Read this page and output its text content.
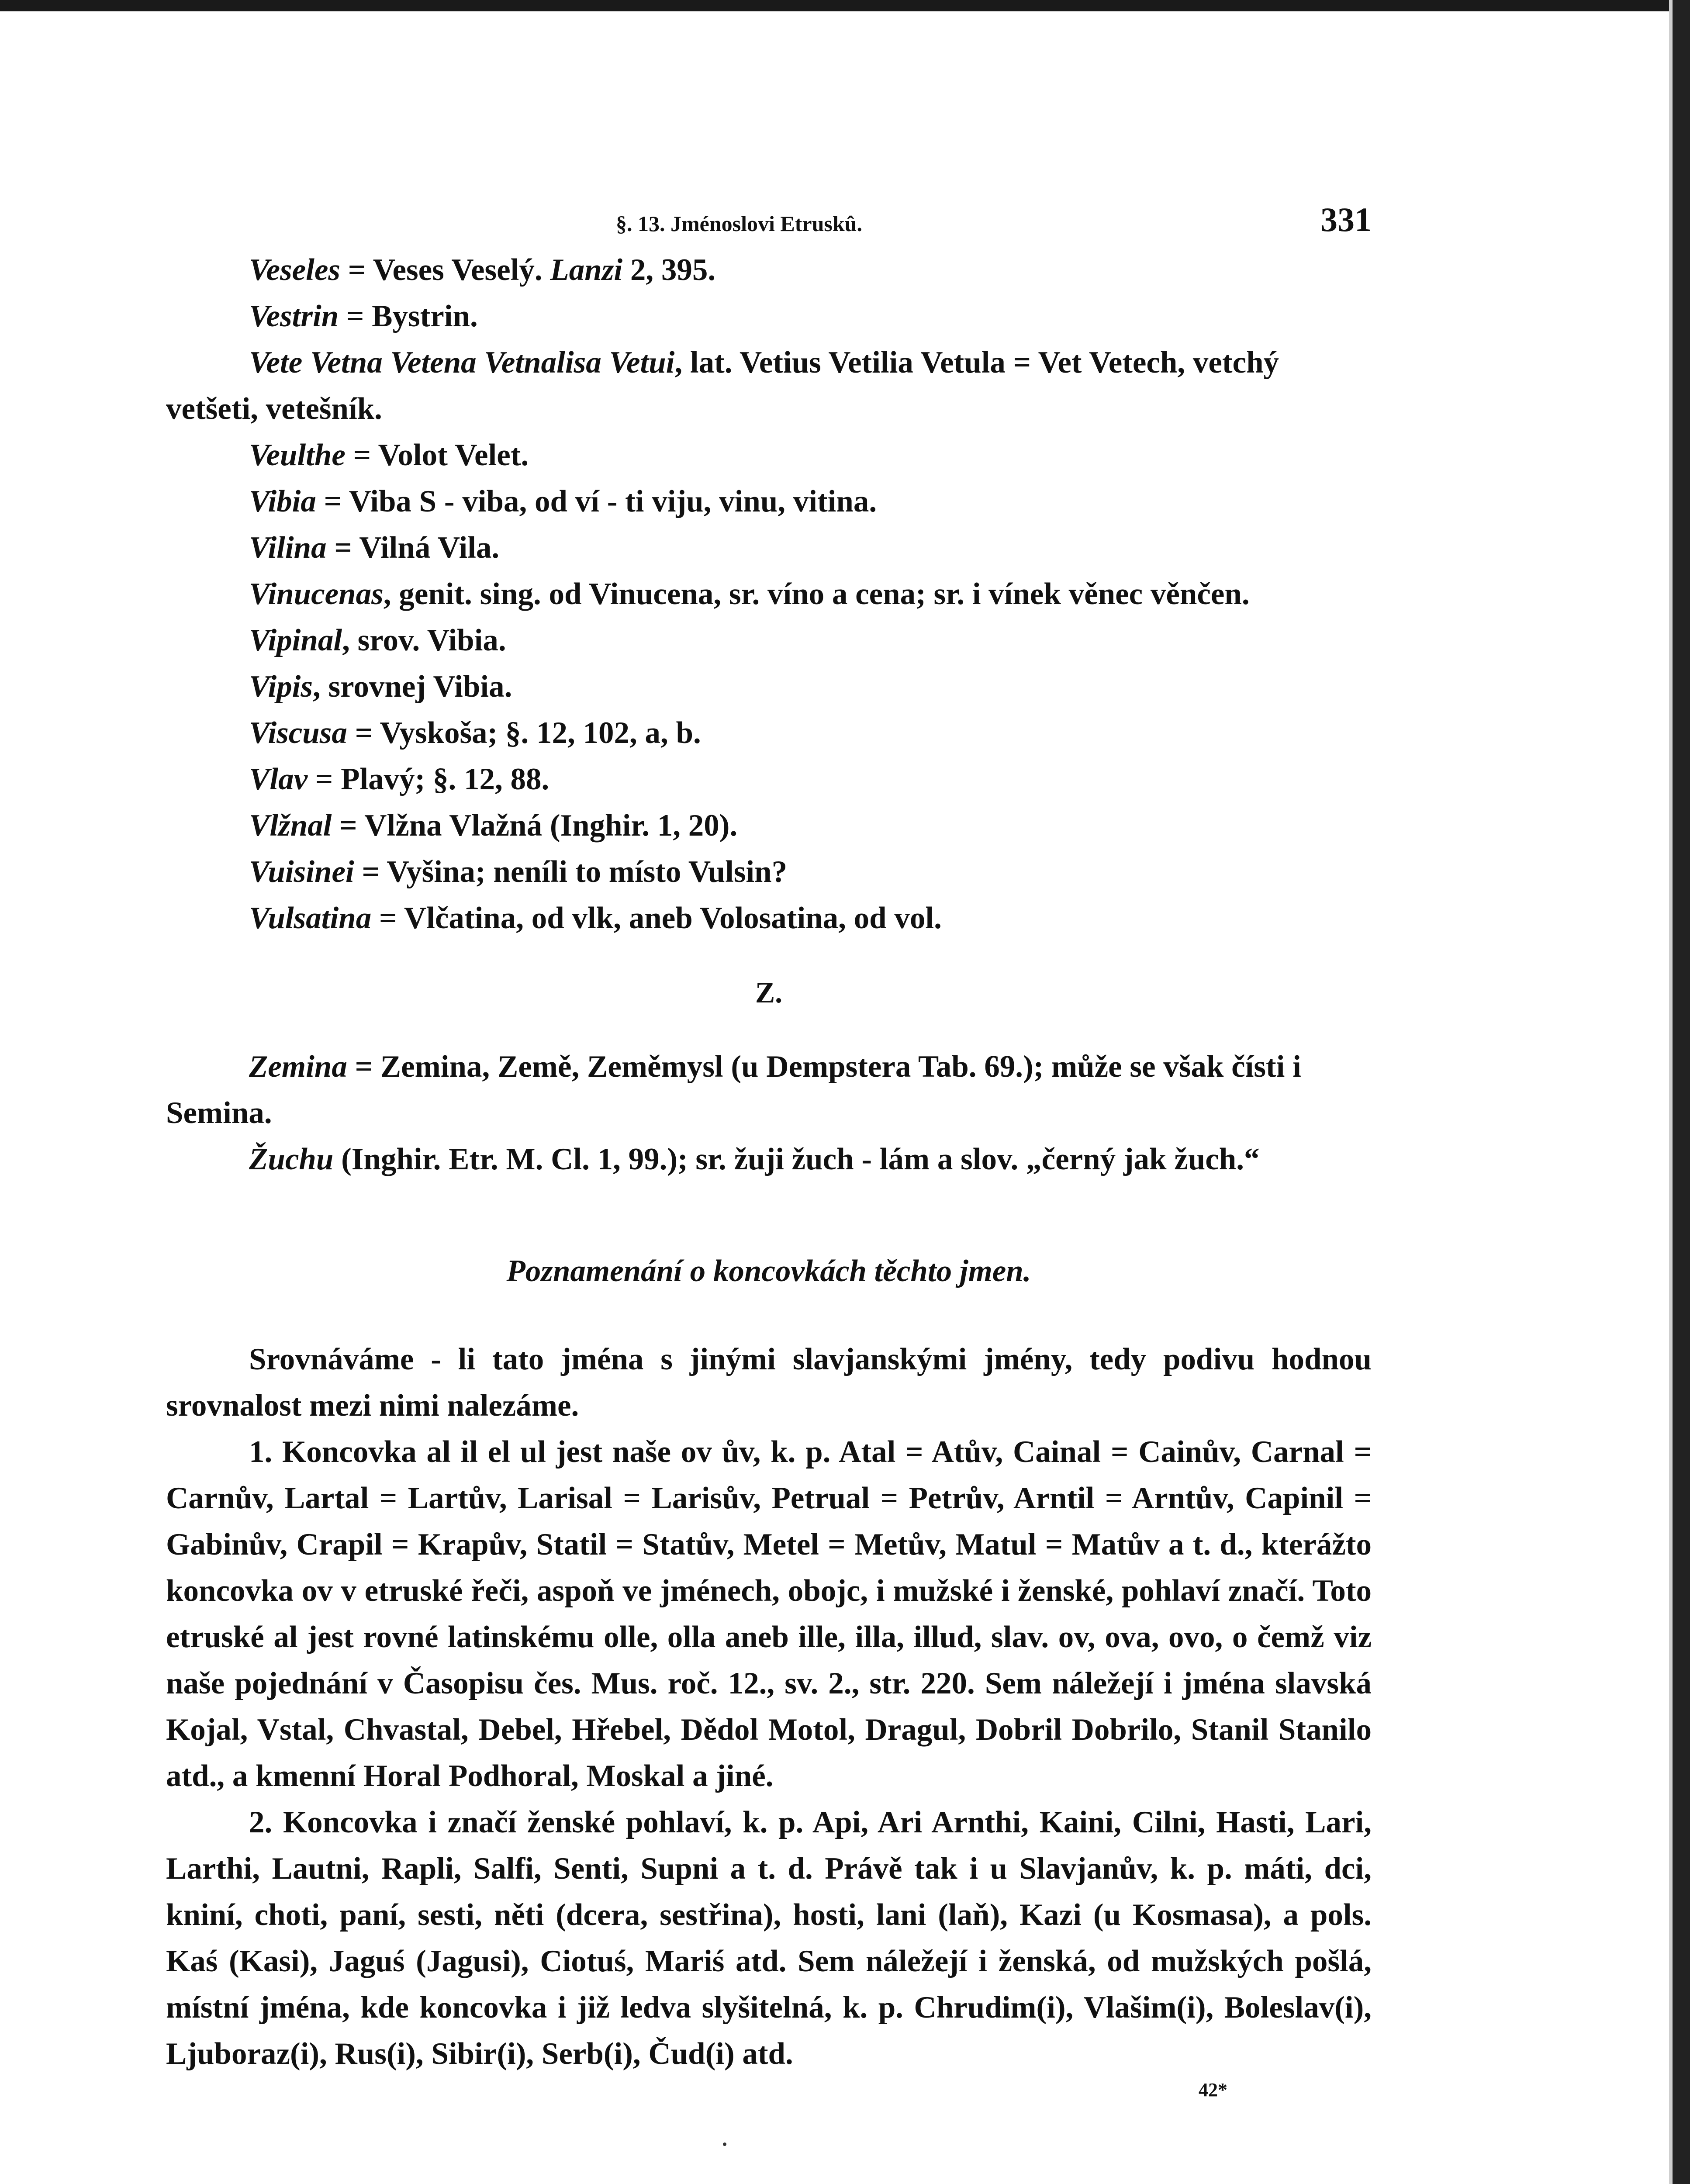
§. 13. Jménoslovi Etruskû.	331
Veseles = Veses Veselý. Lanzi 2, 395.
Vestrin = Bystrin.
Vete Vetna Vetena Vetnalisa Vetui, lat. Vetius Vetilia Vetula = Vet Vetech, vetchý vetšeti, vetešník.
Veulthe = Volot Velet.
Vibia = Viba S - viba, od ví - ti viju, vinu, vitina.
Vilina = Vilná Vila.
Vinucenas, genit. sing. od Vinucena, sr. víno a cena; sr. i vínek věnec věnčen.
Vipinal, srov. Vibia.
Vipis, srovnej Vibia.
Viscusa = Vyskoša; §. 12, 102, a, b.
Vlav = Plavý; §. 12, 88.
Vlžnal = Vlžna Vlažná (Inghir. 1, 20).
Vuisinei = Vyšina; neníli to místo Vulsin?
Vulsatina = Vlčatina, od vlk, aneb Volosatina, od vol.
Z.
Zemina = Zemina, Země, Zeměmysl (u Dempstera Tab. 69.); může se však čísti i Semina.
Žuchu (Inghir. Etr. M. Cl. 1, 99.); sr. žuji žuch - lám a slov. „černý jak žuch.“
Poznamenání o koncovkách těchto jmen.

Srovnáváme - li tato jména s jinými slavjanskými jmény, tedy podivu hodnou srovnalost mezi nimi nalezáme.

1. Koncovka al il el ul jest naše ov ův, k. p. Atal = Atův, Cainal = Cainův, Carnal = Carnův, Lartal = Lartův, Larisal = Larisův, Petrual = Petrův, Arntil = Arntův, Capinil = Gabinův, Crapil = Krapův, Statil = Statův, Metel = Metův, Matul = Matův a t. d., kterážto koncovka ov v etruské řeči, aspoň ve jménech, obojc, i mužské i ženské, pohlaví značí. Toto etruské al jest rovné latinskému olle, olla aneb ille, illa, illud, slav. ov, ova, ovo, o čemž viz naše pojednání v Časopisu čes. Mus. roč. 12., sv. 2., str. 220. Sem náležejí i jména slavská Kojal, Vstal, Chvastal, Debel, Hřebel, Dědol Motol, Dragul, Dobril Dobrilo, Stanil Stanilo atd., a kmenní Horal Podhoral, Moskal a jiné.

2. Koncovka i značí ženské pohlaví, k. p. Api, Ari Arnthi, Kaini, Cilni, Hasti, Lari, Larthi, Lautni, Rapli, Salfi, Senti, Supni a t. d. Právě tak i u Slavjanův, k. p. máti, dci, kniní, choti, paní, sesti, něti (dcera, sestřina), hosti, lani (laň), Kazi (u Kosmasa), a pols. Kaś (Kasi), Jaguś (Jagusi), Ciotuś, Mariś atd. Sem náležejí i ženská, od mužských pošlá, místní jména, kde koncovka i již ledva slyšitelná, k. p. Chrudim(i), Vlašim(i), Boleslav(i), Ljuboraz(i), Rus(i), Sibir(i), Serb(i), Čud(i) atd.

42*
